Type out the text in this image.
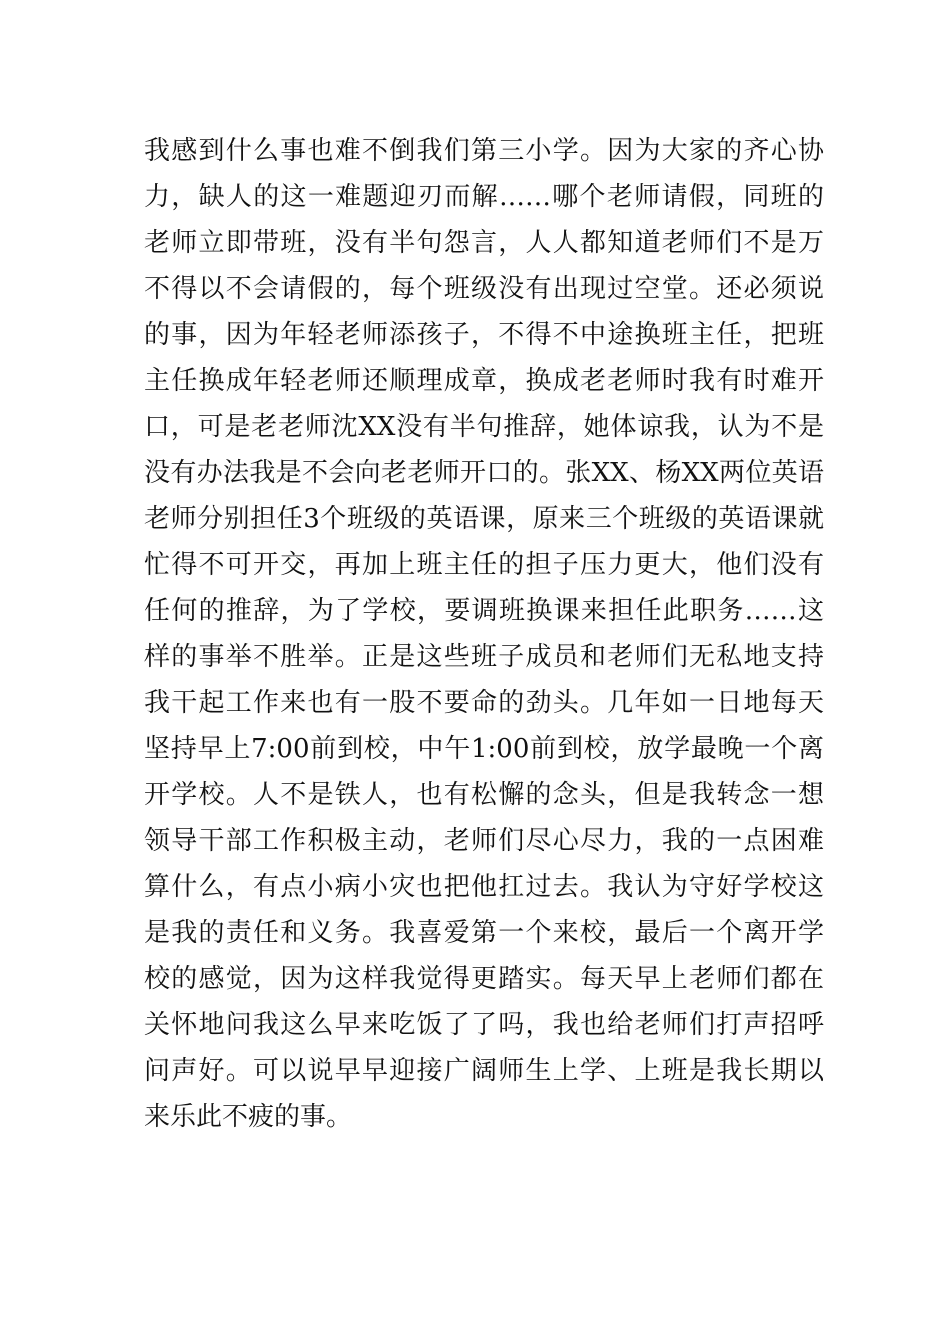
我感到什么事也难不倒我们第三小学。因为大家的齐心协
力，缺人的这一难题迎刃而解……哪个老师请假，同班的
老师立即带班，没有半句怨言，人人都知道老师们不是万
不得以不会请假的，每个班级没有出现过空堂。还必须说
的事，因为年轻老师添孩子，不得不中途换班主任，把班
主任换成年轻老师还顺理成章，换成老老师时我有时难开
口，可是老老师沈XX没有半句推辞，她体谅我，认为不是
没有办法我是不会向老老师开口的。张XX、杨XX两位英语
老师分别担任3个班级的英语课，原来三个班级的英语课就
忙得不可开交，再加上班主任的担子压力更大，他们没有
任何的推辞，为了学校，要调班换课来担任此职务……这
样的事举不胜举。正是这些班子成员和老师们无私地支持
我干起工作来也有一股不要命的劲头。几年如一日地每天
坚持早上7:00前到校，中午1:00前到校，放学最晚一个离
开学校。人不是铁人，也有松懈的念头，但是我转念一想
领导干部工作积极主动，老师们尽心尽力，我的一点困难
算什么，有点小病小灾也把他扛过去。我认为守好学校这
是我的责任和义务。我喜爱第一个来校，最后一个离开学
校的感觉，因为这样我觉得更踏实。每天早上老师们都在
关怀地问我这么早来吃饭了了吗，我也给老师们打声招呼
问声好。可以说早早迎接广阔师生上学、上班是我长期以
来乐此不疲的事。
